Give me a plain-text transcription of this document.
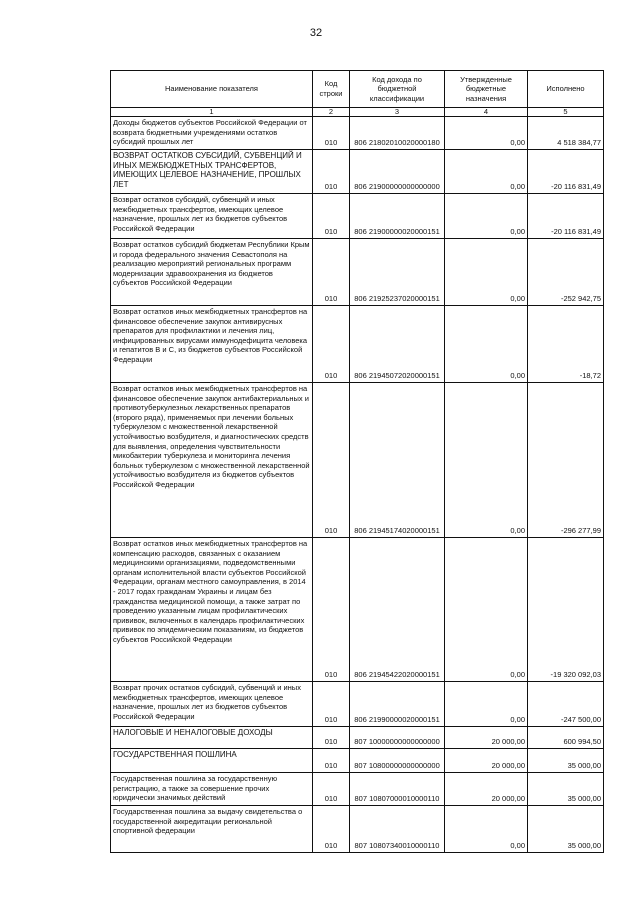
32
Наименование показателя	Код строки	Код дохода по бюджетной классификации	Утвержденные бюджетные назначения	Исполнено
1	2	3	4	5
Доходы бюджетов субъектов Российской Федерации от возврата бюджетными учреждениями остатков субсидий прошлых лет	010	806 21802010020000180	0,00	4 518 384,77
ВОЗВРАТ ОСТАТКОВ СУБСИДИЙ, СУБВЕНЦИЙ И ИНЫХ МЕЖБЮДЖЕТНЫХ ТРАНСФЕРТОВ, ИМЕЮЩИХ ЦЕЛЕВОЕ НАЗНАЧЕНИЕ, ПРОШЛЫХ ЛЕТ	010	806 21900000000000000	0,00	-20 116 831,49
Возврат остатков субсидий, субвенций и иных межбюджетных трансфертов, имеющих целевое назначение, прошлых лет из бюджетов субъектов Российской Федерации	010	806 21900000020000151	0,00	-20 116 831,49
Возврат остатков субсидий бюджетам Республики Крым и города федерального значения Севастополя на реализацию мероприятий региональных программ модернизации здравоохранения из бюджетов субъектов Российской Федерации	010	806 21925237020000151	0,00	-252 942,75
Возврат остатков иных межбюджетных трансфертов на финансовое обеспечение закупок антивирусных препаратов для профилактики и лечения лиц, инфицированных вирусами иммунодефицита человека и гепатитов В и С, из бюджетов субъектов Российской Федерации	010	806 21945072020000151	0,00	-18,72
Возврат остатков иных межбюджетных трансфертов на финансовое обеспечение закупок антибактериальных и противотуберкулезных лекарственных препаратов (второго ряда), применяемых при лечении больных туберкулезом с множественной лекарственной устойчивостью возбудителя, и диагностических средств для выявления, определения чувствительности микобактерии туберкулеза и мониторинга лечения больных туберкулезом с множественной лекарственной устойчивостью возбудителя из бюджетов субъектов Российской Федерации	010	806 21945174020000151	0,00	-296 277,99
Возврат остатков иных межбюджетных трансфертов на компенсацию расходов, связанных с оказанием медицинскими организациями, подведомственными органам исполнительной власти субъектов Российской Федерации, органам местного самоуправления, в 2014 - 2017 годах гражданам Украины и лицам без гражданства медицинской помощи, а также затрат по проведению указанным лицам профилактических прививок, включенных в календарь профилактических прививок по эпидемическим показаниям, из бюджетов субъектов Российской Федерации	010	806 21945422020000151	0,00	-19 320 092,03
Возврат прочих остатков субсидий, субвенций и иных межбюджетных трансфертов, имеющих целевое назначение, прошлых лет из бюджетов субъектов Российской Федерации	010	806 21990000020000151	0,00	-247 500,00
НАЛОГОВЫЕ И НЕНАЛОГОВЫЕ ДОХОДЫ	010	807 10000000000000000	20 000,00	600 994,50
ГОСУДАРСТВЕННАЯ ПОШЛИНА	010	807 10800000000000000	20 000,00	35 000,00
Государственная пошлина за государственную регистрацию, а также за совершение прочих юридически значимых действий	010	807 10807000010000110	20 000,00	35 000,00
Государственная пошлина за выдачу свидетельства о государственной аккредитации региональной спортивной федерации	010	807 10807340010000110	0,00	35 000,00
